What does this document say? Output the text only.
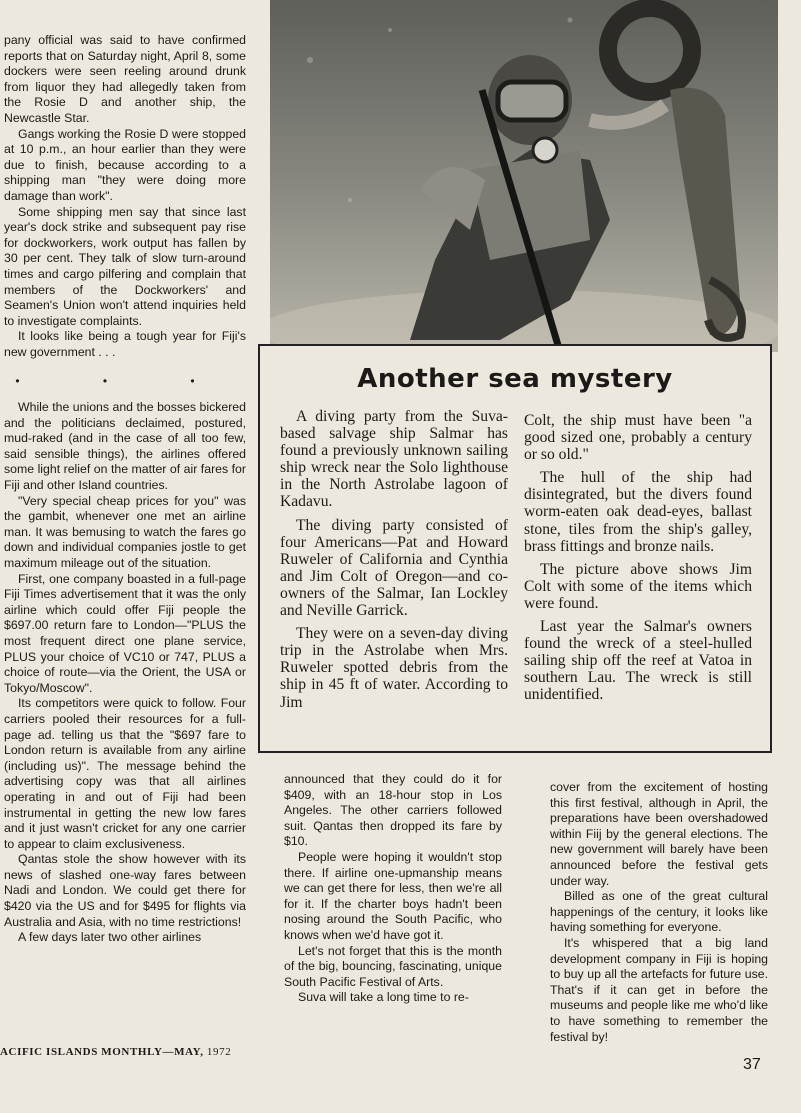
pany official was said to have confirmed reports that on Saturday night, April 8, some dockers were seen reeling around drunk from liquor they had allegedly taken from the Rosie D and another ship, the Newcastle Star.

Gangs working the Rosie D were stopped at 10 p.m., an hour earlier than they were due to finish, because according to a shipping man "they were doing more damage than work".

Some shipping men say that since last year's dock strike and subsequent pay rise for dockworkers, work output has fallen by 30 per cent. They talk of slow turn-around times and cargo pilfering and complain that members of the Dockworkers' and Seamen's Union won't attend inquiries held to investigate complaints.

It looks like being a tough year for Fiji's new government . . .

• • •

While the unions and the bosses bickered and the politicians declaimed, postured, mud-raked (and in the case of all too few, said sensible things), the airlines offered some light relief on the matter of air fares for Fiji and other Island countries.

"Very special cheap prices for you" was the gambit, whenever one met an airline man. It was bemusing to watch the fares go down and individual companies jostle to get maximum mileage out of the situation.

First, one company boasted in a full-page Fiji Times advertisement that it was the only airline which could offer Fiji people the $697.00 return fare to London—"PLUS the most frequent direct one plane service, PLUS your choice of VC10 or 747, PLUS a choice of route—via the Orient, the USA or Tokyo/Moscow".

Its competitors were quick to follow. Four carriers pooled their resources for a full-page ad. telling us that the "$697 fare to London return is available from any airline (including us)". The message behind the advertising copy was that all airlines operating in and out of Fiji had been instrumental in getting the new low fares and it just wasn't cricket for any one carrier to appear to claim exclusiveness.

Qantas stole the show however with its news of slashed one-way fares between Nadi and London. We could get there for $420 via the US and for $495 for flights via Australia and Asia, with no time restrictions!

A few days later two other airlines

Another sea mystery

A diving party from the Suva-based salvage ship Salmar has found a previously unknown sailing ship wreck near the Solo lighthouse in the North Astrolabe lagoon of Kadavu.

The diving party consisted of four Americans—Pat and Howard Ruweler of California and Cynthia and Jim Colt of Oregon—and co-owners of the Salmar, Ian Lockley and Neville Garrick.

They were on a seven-day diving trip in the Astrolabe when Mrs. Ruweler spotted debris from the ship in 45 ft of water. According to Jim

Colt, the ship must have been "a good sized one, probably a century or so old."

The hull of the ship had disintegrated, but the divers found worm-eaten oak dead-eyes, ballast stone, tiles from the ship's galley, brass fittings and bronze nails.

The picture above shows Jim Colt with some of the items which were found.

Last year the Salmar's owners found the wreck of a steel-hulled sailing ship off the reef at Vatoa in southern Lau. The wreck is still unidentified.

announced that they could do it for $409, with an 18-hour stop in Los Angeles. The other carriers followed suit. Qantas then dropped its fare by $10.

People were hoping it wouldn't stop there. If airline one-upmanship means we can get there for less, then we're all for it. If the charter boys hadn't been nosing around the South Pacific, who knows when we'd have got it.

Let's not forget that this is the month of the big, bouncing, fascinating, unique South Pacific Festival of Arts.

Suva will take a long time to re-

cover from the excitement of hosting this first festival, although in April, the preparations have been overshadowed within Fiij by the general elections. The new government will barely have been announced before the festival gets under way.

Billed as one of the great cultural happenings of the century, it looks like having something for everyone.

It's whispered that a big land development company in Fiji is hoping to buy up all the artefacts for future use. That's if it can get in before the museums and people like me who'd like to have something to remember the festival by!

ACIFIC ISLANDS MONTHLY—MAY, 1972
37
